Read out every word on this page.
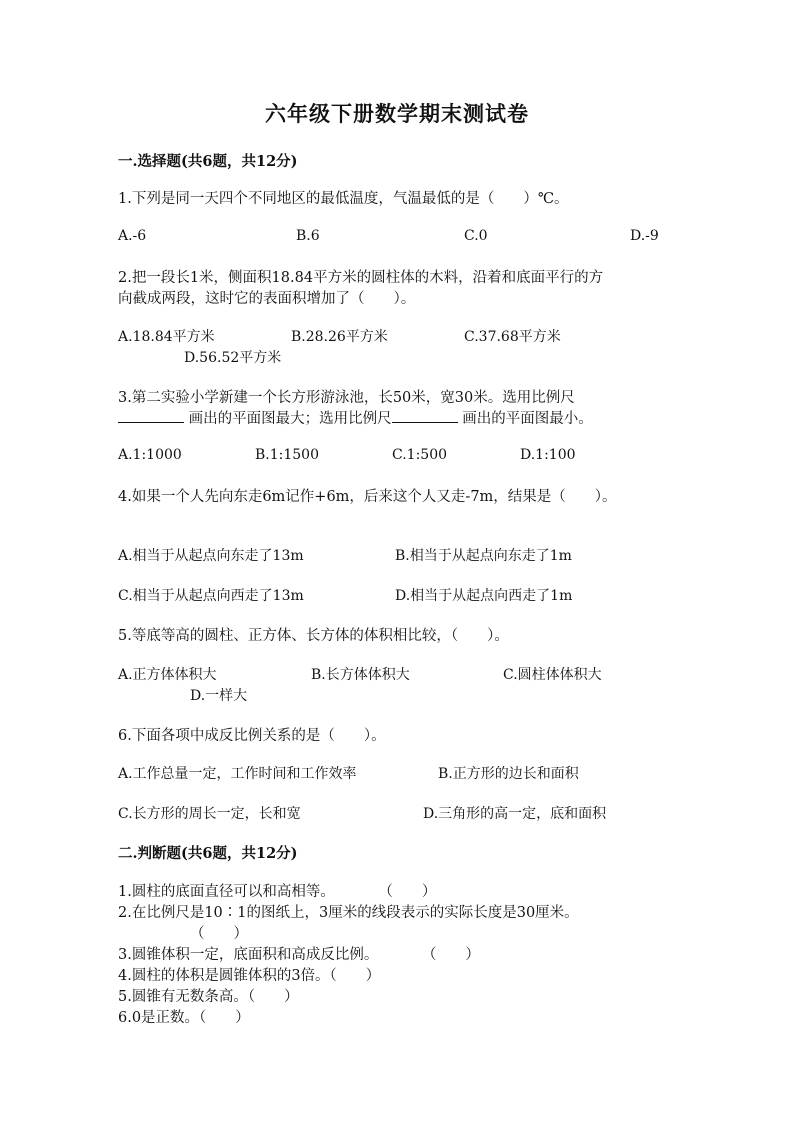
六年级下册数学期末测试卷
一.选择题(共6题，共12分)
1.下列是同一天四个不同地区的最低温度，气温最低的是（　　）℃。
A.-6	B.6	C.0	D.-9
2.把一段长1米，侧面积18.84平方米的圆柱体的木料，沿着和底面平行的方
向截成两段，这时它的表面积增加了（　　）。
A.18.84平方米	B.28.26平方米	C.37.68平方米
D.56.52平方米
3.第二实验小学新建一个长方形游泳池，长50米，宽30米。选用比例尺
画出的平面图最大；选用比例尺	画出的平面图最小。
A.1:1000	B.1:1500	C.1:500	D.1:100
4.如果一个人先向东走6m记作+6m，后来这个人又走-7m，结果是（　　）。
A.相当于从起点向东走了13m	B.相当于从起点向东走了1m
C.相当于从起点向西走了13m	D.相当于从起点向西走了1m
5.等底等高的圆柱、正方体、长方体的体积相比较，（　　）。
A.正方体体积大	B.长方体体积大	C.圆柱体体积大
D.一样大
6.下面各项中成反比例关系的是（　　）。
A.工作总量一定，工作时间和工作效率	B.正方形的边长和面积
C.长方形的周长一定，长和宽	D.三角形的高一定，底和面积
二.判断题(共6题，共12分)
1.圆柱的底面直径可以和高相等。　　　　（　　）
2.在比例尺是10∶1的图纸上，3厘米的线段表示的实际长度是30厘米。
（　　）
3.圆锥体积一定，底面积和高成反比例。　　　　（　　）
4.圆柱的体积是圆锥体积的3倍。（　　）
5.圆锥有无数条高。（　　）
6.0是正数。（　　）
